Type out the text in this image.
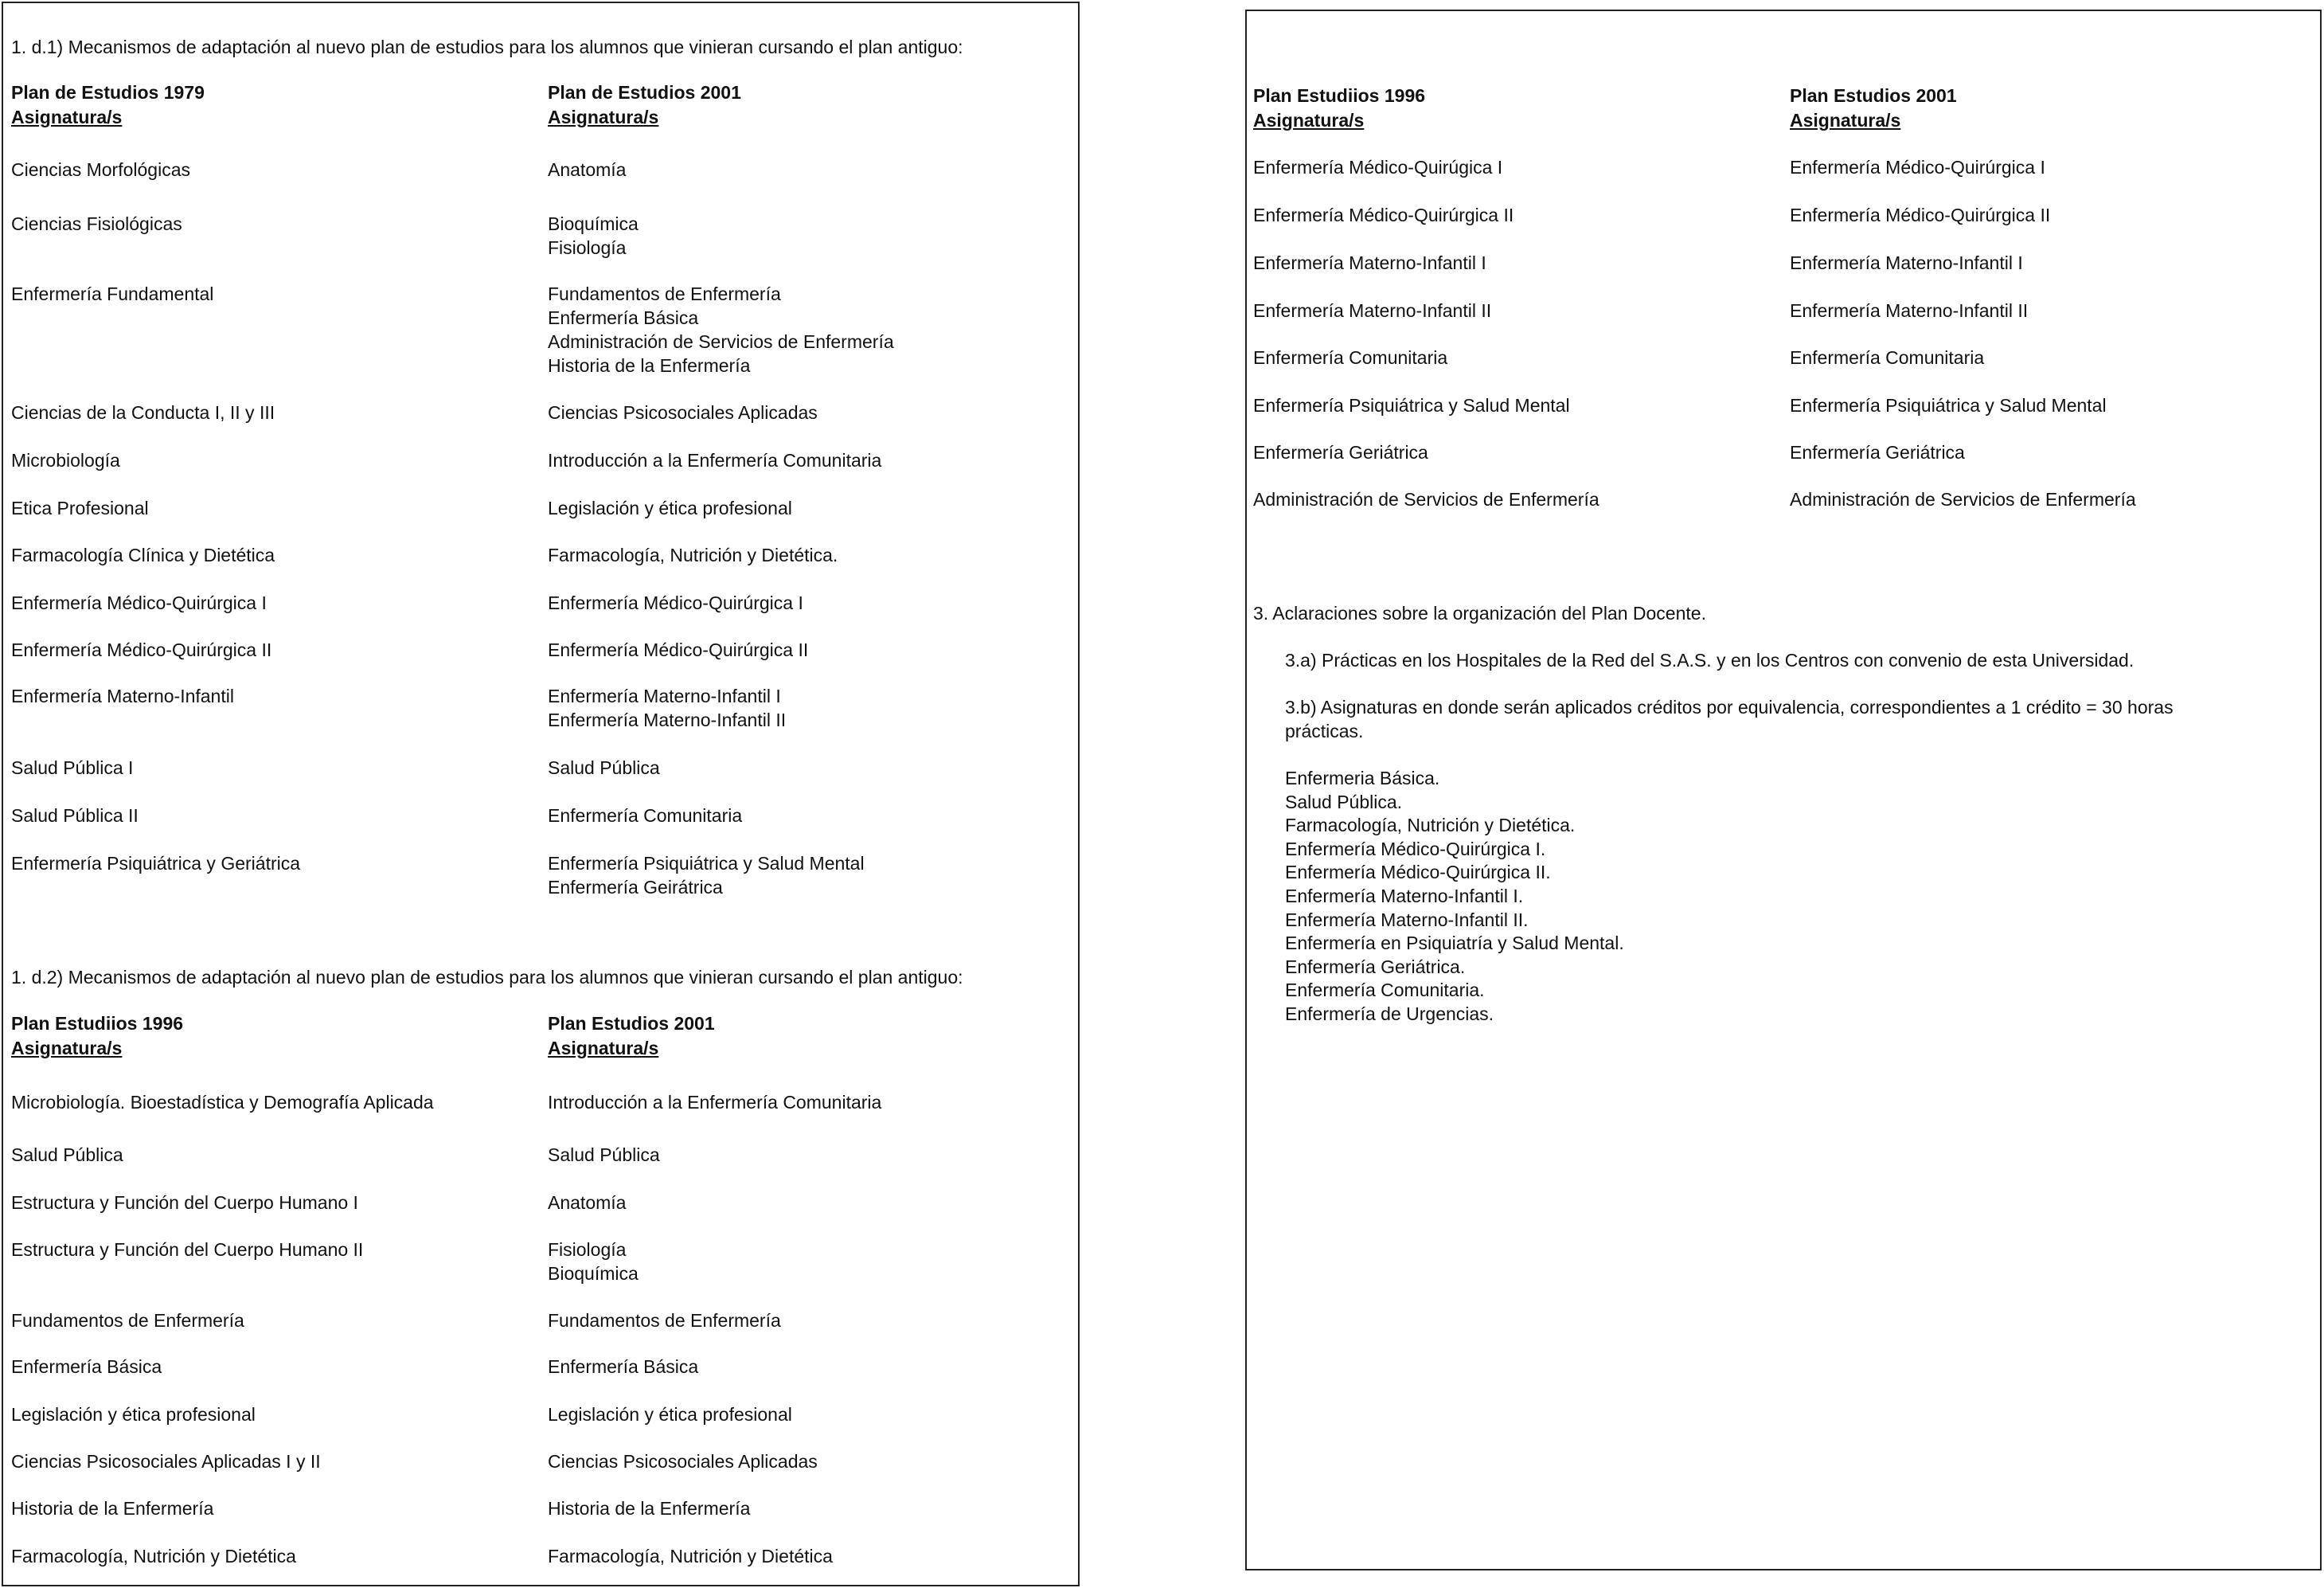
1. d.1) Mecanismos de adaptación al nuevo plan de estudios para los alumnos que vinieran cursando el plan antiguo:
Plan de Estudios 1979
Asignatura/s
Plan de Estudios 2001
Asignatura/s
Ciencias Morfológicas	Anatomía
Ciencias Fisiológicas	Bioquímica
Fisiología
Enfermería Fundamental	Fundamentos de Enfermería
Enfermería Básica
Administración de Servicios de Enfermería
Historia de la Enfermería
Ciencias de la Conducta I, II y III	Ciencias Psicosociales Aplicadas
Microbiología	Introducción a la Enfermería Comunitaria
Etica Profesional	Legislación y ética profesional
Farmacología Clínica y Dietética	Farmacología, Nutrición y Dietética.
Enfermería Médico-Quirúrgica I	Enfermería Médico-Quirúrgica I
Enfermería Médico-Quirúrgica II	Enfermería Médico-Quirúrgica II
Enfermería Materno-Infantil	Enfermería Materno-Infantil I
Enfermería Materno-Infantil II
Salud Pública I	Salud Pública
Salud Pública II	Enfermería Comunitaria
Enfermería Psiquiátrica y Geriátrica	Enfermería Psiquiátrica y Salud Mental
Enfermería Geirátrica
1. d.2) Mecanismos de adaptación al nuevo plan de estudios para los alumnos que vinieran cursando el plan antiguo:
Plan Estudiios 1996
Asignatura/s
Plan Estudios 2001
Asignatura/s
Microbiología. Bioestadística y Demografía Aplicada	Introducción a la Enfermería Comunitaria
Salud Pública	Salud Pública
Estructura y Función del Cuerpo Humano I	Anatomía
Estructura y Función del Cuerpo Humano II	Fisiología
Bioquímica
Fundamentos de Enfermería	Fundamentos de Enfermería
Enfermería Básica	Enfermería Básica
Legislación y ética profesional	Legislación y ética profesional
Ciencias Psicosociales Aplicadas I y II	Ciencias Psicosociales Aplicadas
Historia de la Enfermería	Historia de la Enfermería
Farmacología, Nutrición y Dietética	Farmacología, Nutrición y Dietética
Plan Estudiios 1996
Asignatura/s
Plan Estudios 2001
Asignatura/s
Enfermería Médico-Quirúgica I	Enfermería Médico-Quirúrgica I
Enfermería Médico-Quirúrgica II	Enfermería Médico-Quirúrgica II
Enfermería Materno-Infantil I	Enfermería Materno-Infantil I
Enfermería Materno-Infantil II	Enfermería Materno-Infantil II
Enfermería Comunitaria	Enfermería Comunitaria
Enfermería Psiquiátrica y Salud Mental	Enfermería Psiquiátrica y Salud Mental
Enfermería Geriátrica	Enfermería Geriátrica
Administración de Servicios de Enfermería	Administración de Servicios de Enfermería
3. Aclaraciones sobre la organización del Plan Docente.
3.a) Prácticas en los Hospitales de la Red del S.A.S. y en los Centros con convenio de esta Universidad.
3.b) Asignaturas en donde serán aplicados créditos por equivalencia, correspondientes a 1 crédito = 30 horas
prácticas.
Enfermeria Básica.
Salud Pública.
Farmacología, Nutrición y Dietética.
Enfermería Médico-Quirúrgica I.
Enfermería Médico-Quirúrgica II.
Enfermería Materno-Infantil I.
Enfermería Materno-Infantil II.
Enfermería en Psiquiatría y Salud Mental.
Enfermería Geriátrica.
Enfermería Comunitaria.
Enfermería de Urgencias.
